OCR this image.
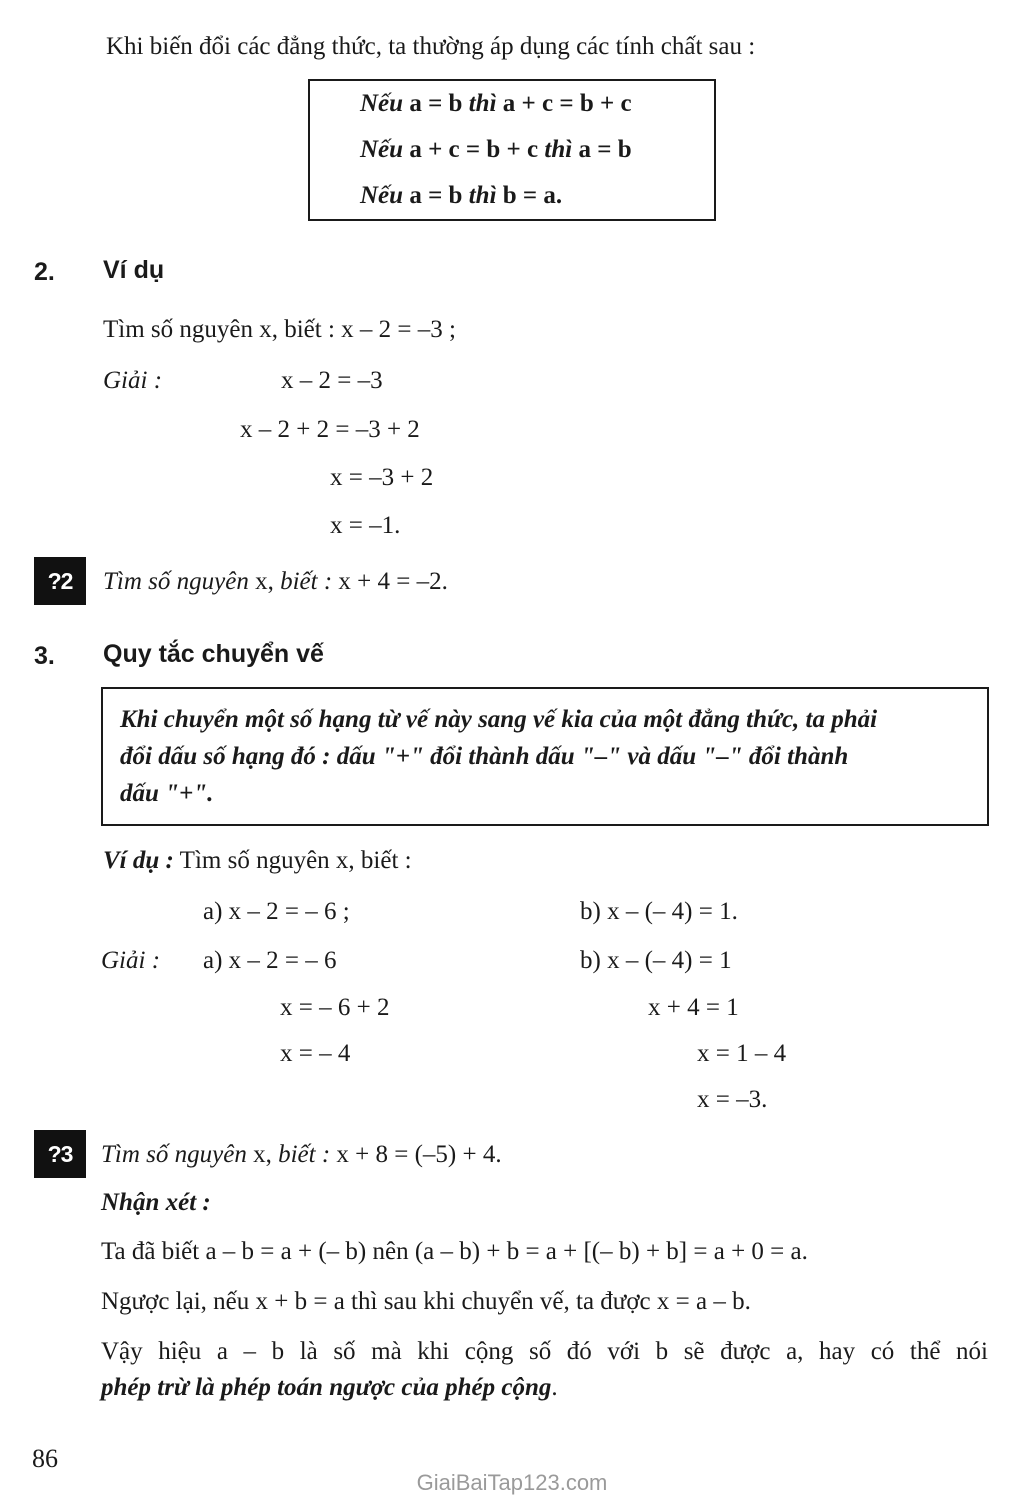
Khi biến đổi các đẳng thức, ta thường áp dụng các tính chất sau :
Nếu a = b thì a + c = b + c
Nếu a + c = b + c thì a = b
Nếu a = b thì b = a.
2. Ví dụ
Tìm số nguyên x, biết : x – 2 = –3 ;
Giải :	x – 2 = –3
x – 2 + 2 = –3 + 2
x = –3 + 2
x = –1.
?2	Tìm số nguyên x, biết : x + 4 = –2.
3. Quy tắc chuyển vế
Khi chuyển một số hạng từ vế này sang vế kia của một đẳng thức, ta phải
đổi dấu số hạng đó : dấu "+" đổi thành dấu "–" và dấu "–" đổi thành
dấu "+".
Ví dụ : Tìm số nguyên x, biết :
a) x – 2 = – 6 ;	b) x – (– 4) = 1.
Giải : a) x – 2 = – 6
x = – 6 + 2
x = – 4
b) x – (– 4) = 1
x + 4 = 1
x = 1 – 4
x = –3.
?3	Tìm số nguyên x, biết : x + 8 = (–5) + 4.
Nhận xét :
Ta đã biết a – b = a + (– b) nên (a – b) + b = a + [(– b) + b] = a + 0 = a.
Ngược lại, nếu x + b = a thì sau khi chuyển vế, ta được x = a – b.
Vậy hiệu a – b là số mà khi cộng số đó với b sẽ được a, hay có thể nói
phép trừ là phép toán ngược của phép cộng.
86
GiaiBaiTap123.com
